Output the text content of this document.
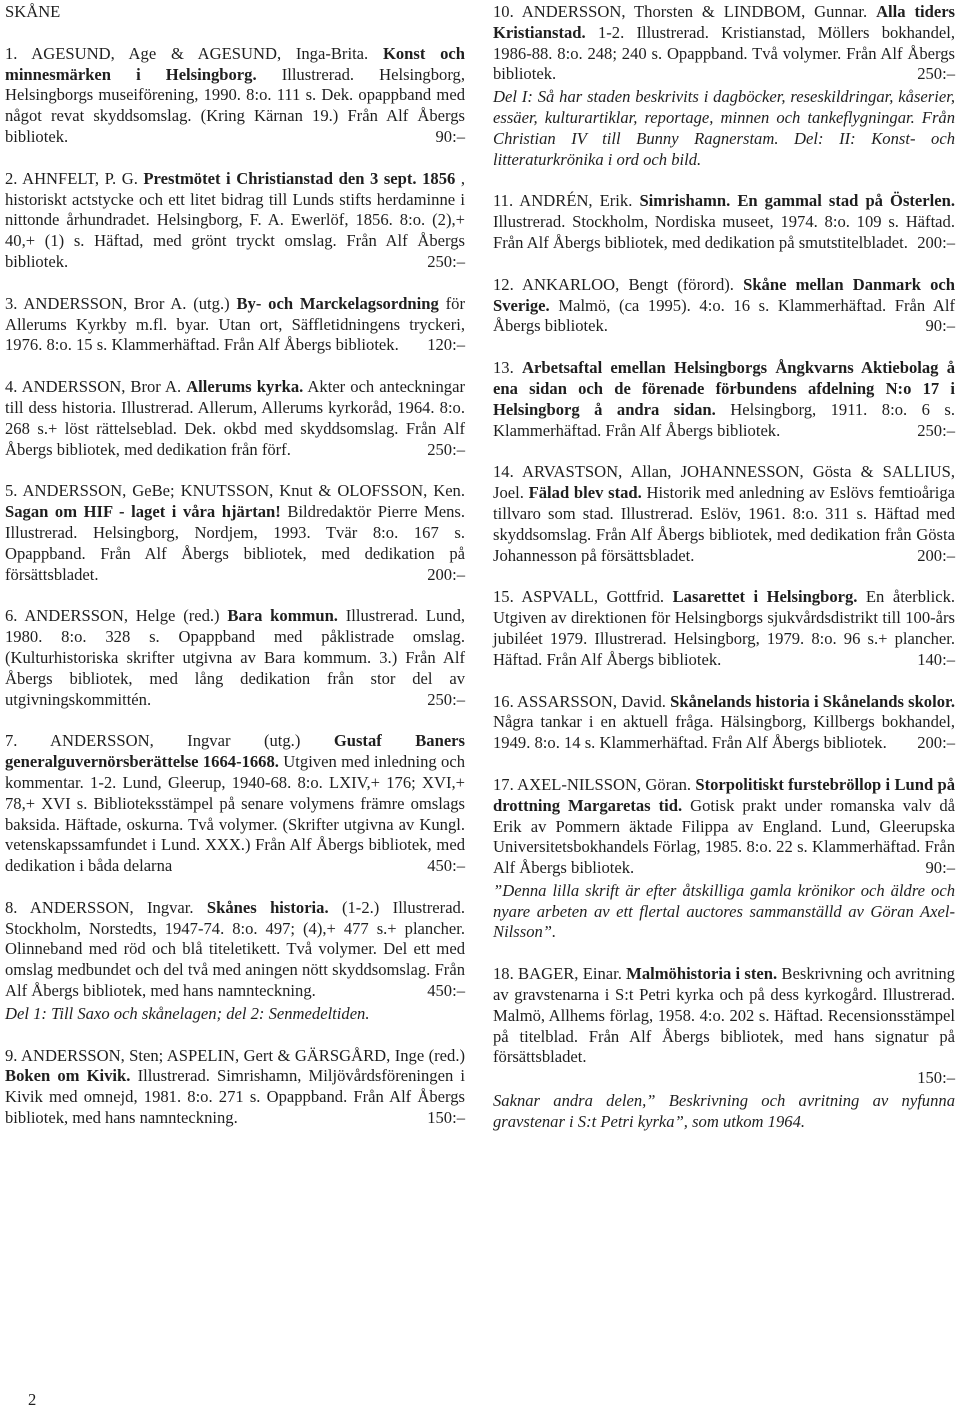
SKÅNE
1. AGESUND, Age & AGESUND, Inga-Brita. Konst och minnesmärken i Helsingborg. Illustrerad. Helsingborg, Helsingborgs museiförening, 1990. 8:o. 111 s. Dek. opappband med något revat skyddsomslag. (Kring Kärnan 19.) Från Alf Åbergs bibliotek.	90:–
2. AHNFELT, P. G. Prestmötet i Christianstad den 3 sept. 1856 , historiskt actstycke och ett litet bidrag till Lunds stifts herdaminne i nittonde århundradet. Helsingborg, F. A. Ewerlöf, 1856. 8:o. (2),+ 40,+ (1) s. Häftad, med grönt tryckt omslag. Från Alf Åbergs bibliotek.	250:–
3. ANDERSSON, Bror A. (utg.) By- och Marckelagsordning för Allerums Kyrkby m.fl. byar. Utan ort, Säffletidningens tryckeri, 1976. 8:o. 15 s. Klammerhäftad. Från Alf Åbergs bibliotek. 120:–
4. ANDERSSON, Bror A. Allerums kyrka. Akter och anteckningar till dess historia. Illustrerad. Allerum, Allerums kyrkoråd, 1964. 8:o. 268 s.+ löst rättelseblad. Dek. okbd med skyddsomslag. Från Alf Åbergs bibliotek, med dedikation från förf.	250:–
5. ANDERSSON, GeBe; KNUTSSON, Knut & OLOFSSON, Ken. Sagan om HIF - laget i våra hjärtan! Bildredaktör Pierre Mens. Illustrerad. Helsingborg, Nordjem, 1993. Tvär 8:o. 167 s. Opappband. Från Alf Åbergs bibliotek, med dedikation på försättsbladet.	200:–
6. ANDERSSON, Helge (red.) Bara kommun. Illustrerad. Lund, 1980. 8:o. 328 s. Opappband med påklistrade omslag. (Kulturhistoriska skrifter utgivna av Bara kommum. 3.) Från Alf Åbergs bibliotek, med lång dedikation från stor del av utgivningskommittén.	250:–
7. ANDERSSON, Ingvar (utg.) Gustaf Baners generalguvernörsberättelse 1664-1668. Utgiven med inledning och kommentar. 1-2. Lund, Gleerup, 1940-68. 8:o. LXIV,+ 176; XVI,+ 78,+ XVI s. Biblioteksstämpel på senare volymens främre omslags baksida. Häftade, oskurna. Två volymer. (Skrifter utgivna av Kungl. vetenskapssamfundet i Lund. XXX.) Från Alf Åbergs bibliotek, med dedikation i båda delarna	450:–
8. ANDERSSON, Ingvar. Skånes historia. (1-2.) Illustrerad. Stockholm, Norstedts, 1947-74. 8:o. 497; (4),+ 477 s.+ plancher. Olinneband med röd och blå titeletikett. Två volymer. Del ett med omslag medbundet och del två med aningen nött skyddsomslag. Från Alf Åbergs bibliotek, med hans namnteckning.	450:–
Del 1: Till Saxo och skånelagen; del 2: Senmedeltiden.
9. ANDERSSON, Sten; ASPELIN, Gert & GÄRSGÅRD, Inge (red.) Boken om Kivik. Illustrerad. Simrishamn, Miljövårdsföreningen i Kivik med omnejd, 1981. 8:o. 271 s. Opappband. Från Alf Åbergs bibliotek, med hans namnteckning.	150:–
10. ANDERSSON, Thorsten & LINDBOM, Gunnar. Alla tiders Kristianstad. 1-2. Illustrerad. Kristianstad, Möllers bokhandel, 1986-88. 8:o. 248; 240 s. Opappband. Två volymer. Från Alf Åbergs bibliotek.	250:–
Del I: Så har staden beskrivits i dagböcker, reseskildringar, kåserier, essäer, kulturartiklar, reportage, minnen och tankeflygningar. Från Christian IV till Bunny Ragnerstam. Del: II: Konst- och litteraturkrönika i ord och bild.
11. ANDRÉN, Erik. Simrishamn. En gammal stad på Österlen. Illustrerad. Stockholm, Nordiska museet, 1974. 8:o. 109 s. Häftad. Från Alf Åbergs bibliotek, med dedikation på smutstitelbladet. 200:–
12. ANKARLOO, Bengt (förord). Skåne mellan Danmark och Sverige. Malmö, (ca 1995). 4:o. 16 s. Klammerhäftad. Från Alf Åbergs bibliotek.	90:–
13. Arbetsaftal emellan Helsingborgs Ångkvarns Aktiebolag å ena sidan och de förenade förbundens afdelning N:o 17 i Helsingborg å andra sidan. Helsingborg, 1911. 8:o. 6 s. Klammerhäftad. Från Alf Åbergs bibliotek.	250:–
14. ARVASTSON, Allan, JOHANNESSON, Gösta & SALLIUS, Joel. Fälad blev stad. Historik med anledning av Eslövs femtioåriga tillvaro som stad. Illustrerad. Eslöv, 1961. 8:o. 311 s. Häftad med skyddsomslag. Från Alf Åbergs bibliotek, med dedikation från Gösta Johannesson på försättsbladet.	200:–
15. ASPVALL, Gottfrid. Lasarettet i Helsingborg. En återblick. Utgiven av direktionen för Helsingborgs sjukvårdsdistrikt till 100-års jubiléet 1979. Illustrerad. Helsingborg, 1979. 8:o. 96 s.+ plancher. Häftad. Från Alf Åbergs bibliotek.	140:–
16. ASSARSSON, David. Skånelands historia i Skånelands skolor. Några tankar i en aktuell fråga. Hälsingborg, Killbergs bokhandel, 1949. 8:o. 14 s. Klammerhäftad. Från Alf Åbergs bibliotek. 200:–
17. AXEL-NILSSON, Göran. Storpolitiskt furstebröllop i Lund på drottning Margaretas tid. Gotisk prakt under romanska valv då Erik av Pommern äktade Filippa av England. Lund, Gleerupska Universitetsbokhandels Förlag, 1985. 8:o. 22 s. Klammerhäftad. Från Alf Åbergs bibliotek.	90:–
”Denna lilla skrift är efter åtskilliga gamla krönikor och äldre och nyare arbeten av ett flertal auctores sammanställd av Göran Axel-Nilsson”.
18. BAGER, Einar. Malmöhistoria i sten. Beskrivning och avritning av gravstenarna i S:t Petri kyrka och på dess kyrkogård. Illustrerad. Malmö, Allhems förlag, 1958. 4:o. 202 s. Häftad. Recensionsstämpel på titelblad. Från Alf Åbergs bibliotek, med hans signatur på försättsbladet.
150:–
Saknar andra delen,” Beskrivning och avritning av nyfunna gravstenar i S:t Petri kyrka”, som utkom 1964.
2
